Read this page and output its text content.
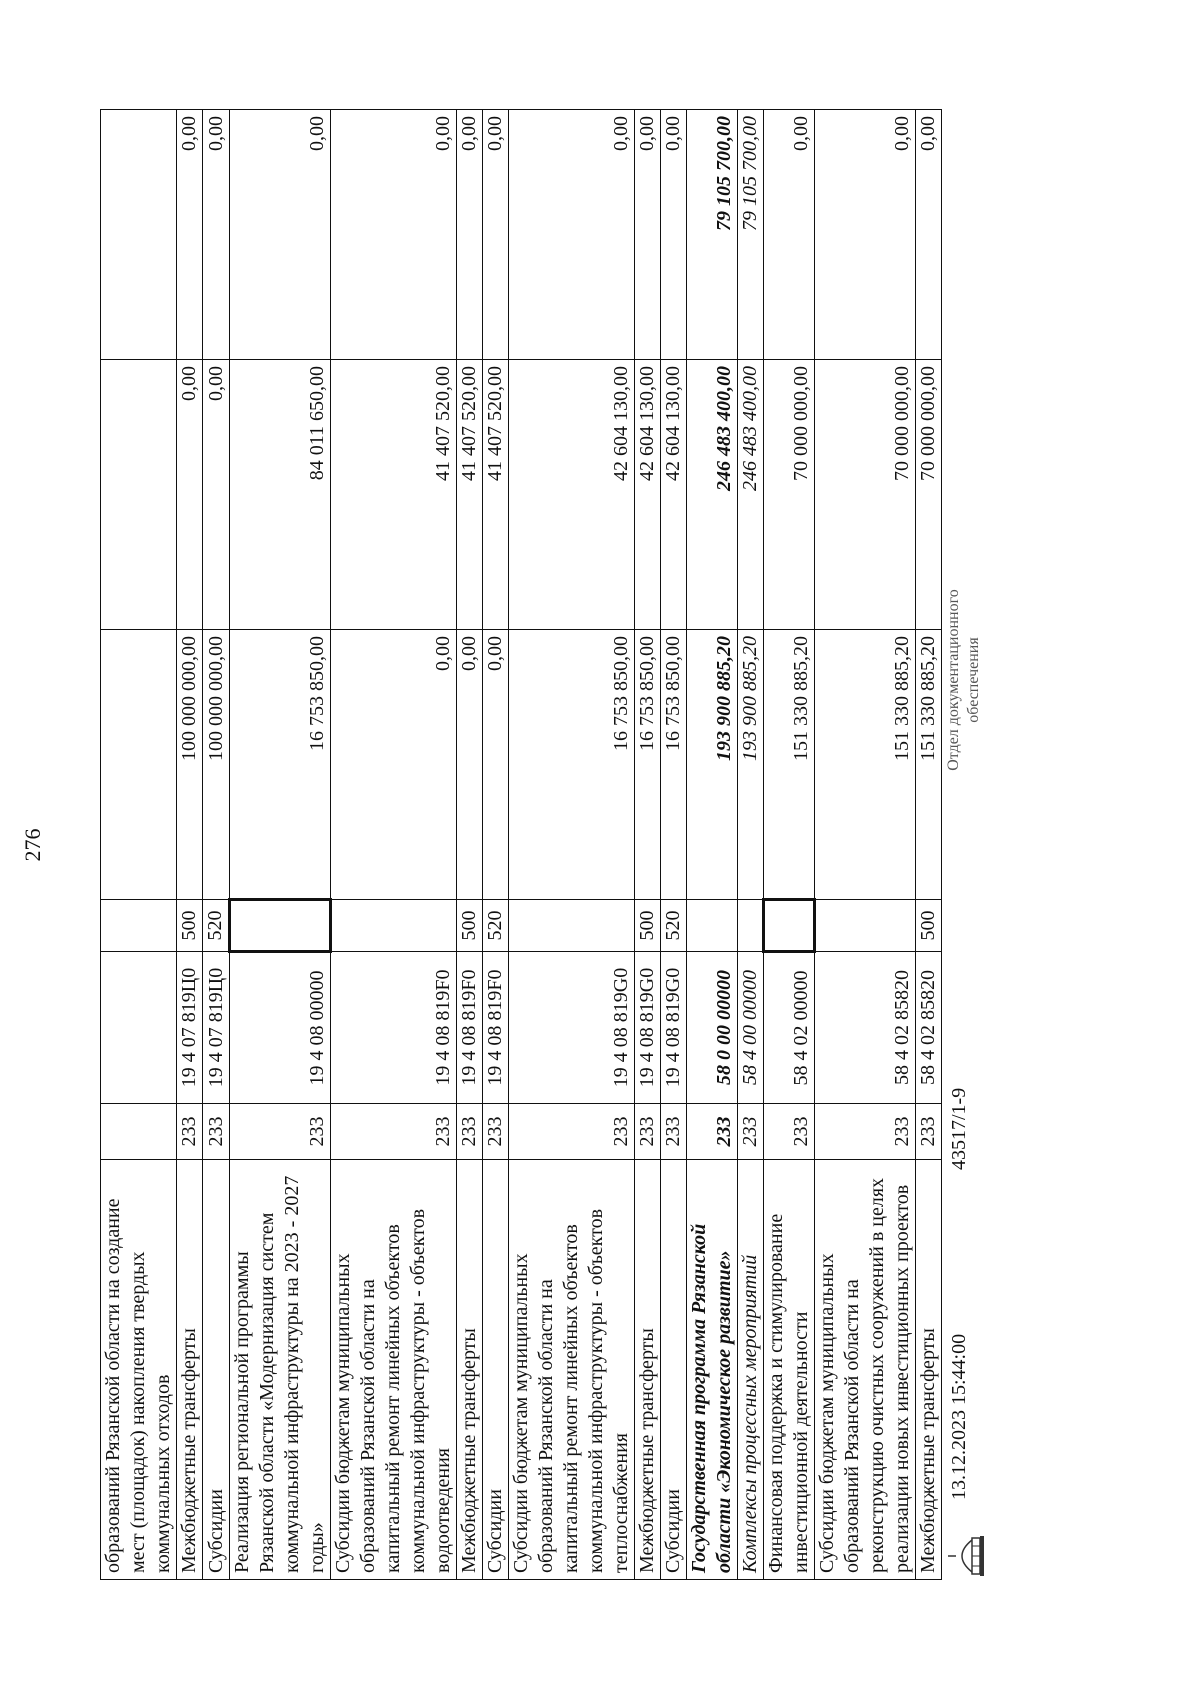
276
образований Рязанской области на создание мест (площадок) накопления твердых коммунальных отходов						
Межбюджетные трансферты	233	19 4 07 819Ц0	500	100 000 000,00	0,00	0,00
Субсидии	233	19 4 07 819Ц0	520	100 000 000,00	0,00	0,00
Реализация региональной программы Рязанской области «Модернизация систем коммунальной инфраструктуры на 2023 - 2027 годы»	233	19 4 08 00000		16 753 850,00	84 011 650,00	0,00
Субсидии бюджетам муниципальных образований Рязанской области на капитальный ремонт линейных объектов коммунальной инфраструктуры - объектов водоотведения	233	19 4 08 819F0		0,00	41 407 520,00	0,00
Межбюджетные трансферты	233	19 4 08 819F0	500	0,00	41 407 520,00	0,00
Субсидии	233	19 4 08 819F0	520	0,00	41 407 520,00	0,00
Субсидии бюджетам муниципальных образований Рязанской области на капитальный ремонт линейных объектов коммунальной инфраструктуры - объектов теплоснабжения	233	19 4 08 819G0		16 753 850,00	42 604 130,00	0,00
Межбюджетные трансферты	233	19 4 08 819G0	500	16 753 850,00	42 604 130,00	0,00
Субсидии	233	19 4 08 819G0	520	16 753 850,00	42 604 130,00	0,00
Государственная программа Рязанской области «Экономическое развитие»	233	58 0 00 00000		193 900 885,20	246 483 400,00	79 105 700,00
Комплексы процессных мероприятий	233	58 4 00 00000		193 900 885,20	246 483 400,00	79 105 700,00
Финансовая поддержка и стимулирование инвестиционной деятельности	233	58 4 02 00000		151 330 885,20	70 000 000,00	0,00
Субсидии бюджетам муниципальных образований Рязанской области на реконструкцию очистных сооружений в целях реализации новых инвестиционных проектов	233	58 4 02 85820		151 330 885,20	70 000 000,00	0,00
Межбюджетные трансферты	233	58 4 02 85820	500	151 330 885,20	70 000 000,00	0,00
13.12.2023 15:44:00
43517/1-9
Отдел документационного обеспечения
